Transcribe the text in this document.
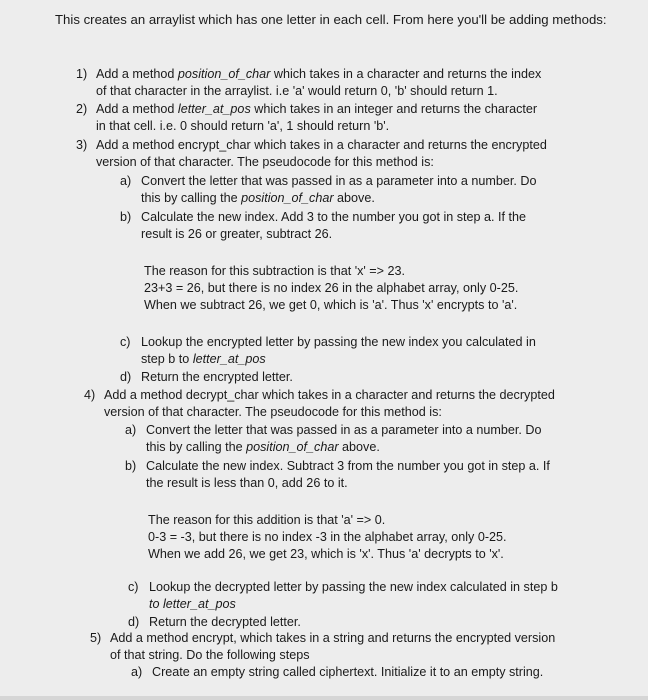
This creates an arraylist which has one letter in each cell. From here you'll be adding methods:
1) Add a method position_of_char which takes in a character and returns the index
of that character in the arraylist. i.e 'a' would return 0, 'b' should return 1.
2) Add a method letter_at_pos which takes in an integer and returns the character
in that cell. i.e. 0 should return 'a', 1 should return 'b'.
3) Add a method encrypt_char which takes in a character and returns the encrypted
version of that character. The pseudocode for this method is:
a) Convert the letter that was passed in as a parameter into a number. Do
this by calling the position_of_char above.
b) Calculate the new index. Add 3 to the number you got in step a. If the
result is 26 or greater, subtract 26.
The reason for this subtraction is that 'x' => 23.
23+3 = 26, but there is no index 26 in the alphabet array, only 0-25.
When we subtract 26, we get 0, which is 'a'. Thus 'x' encrypts to 'a'.
c) Lookup the encrypted letter by passing the new index you calculated in
step b to letter_at_pos
d) Return the encrypted letter.
4) Add a method decrypt_char which takes in a character and returns the decrypted
version of that character. The pseudocode for this method is:
a) Convert the letter that was passed in as a parameter into a number. Do
this by calling the position_of_char above.
b) Calculate the new index. Subtract 3 from the number you got in step a. If
the result is less than 0, add 26 to it.
The reason for this addition is that 'a' => 0.
0-3 = -3, but there is no index -3 in the alphabet array, only 0-25.
When we add 26, we get 23, which is 'x'. Thus 'a' decrypts to 'x'.
c) Lookup the decrypted letter by passing the new index calculated in step b
to letter_at_pos
d) Return the decrypted letter.
5) Add a method encrypt, which takes in a string and returns the encrypted version
of that string. Do the following steps
a) Create an empty string called ciphertext. Initialize it to an empty string.
